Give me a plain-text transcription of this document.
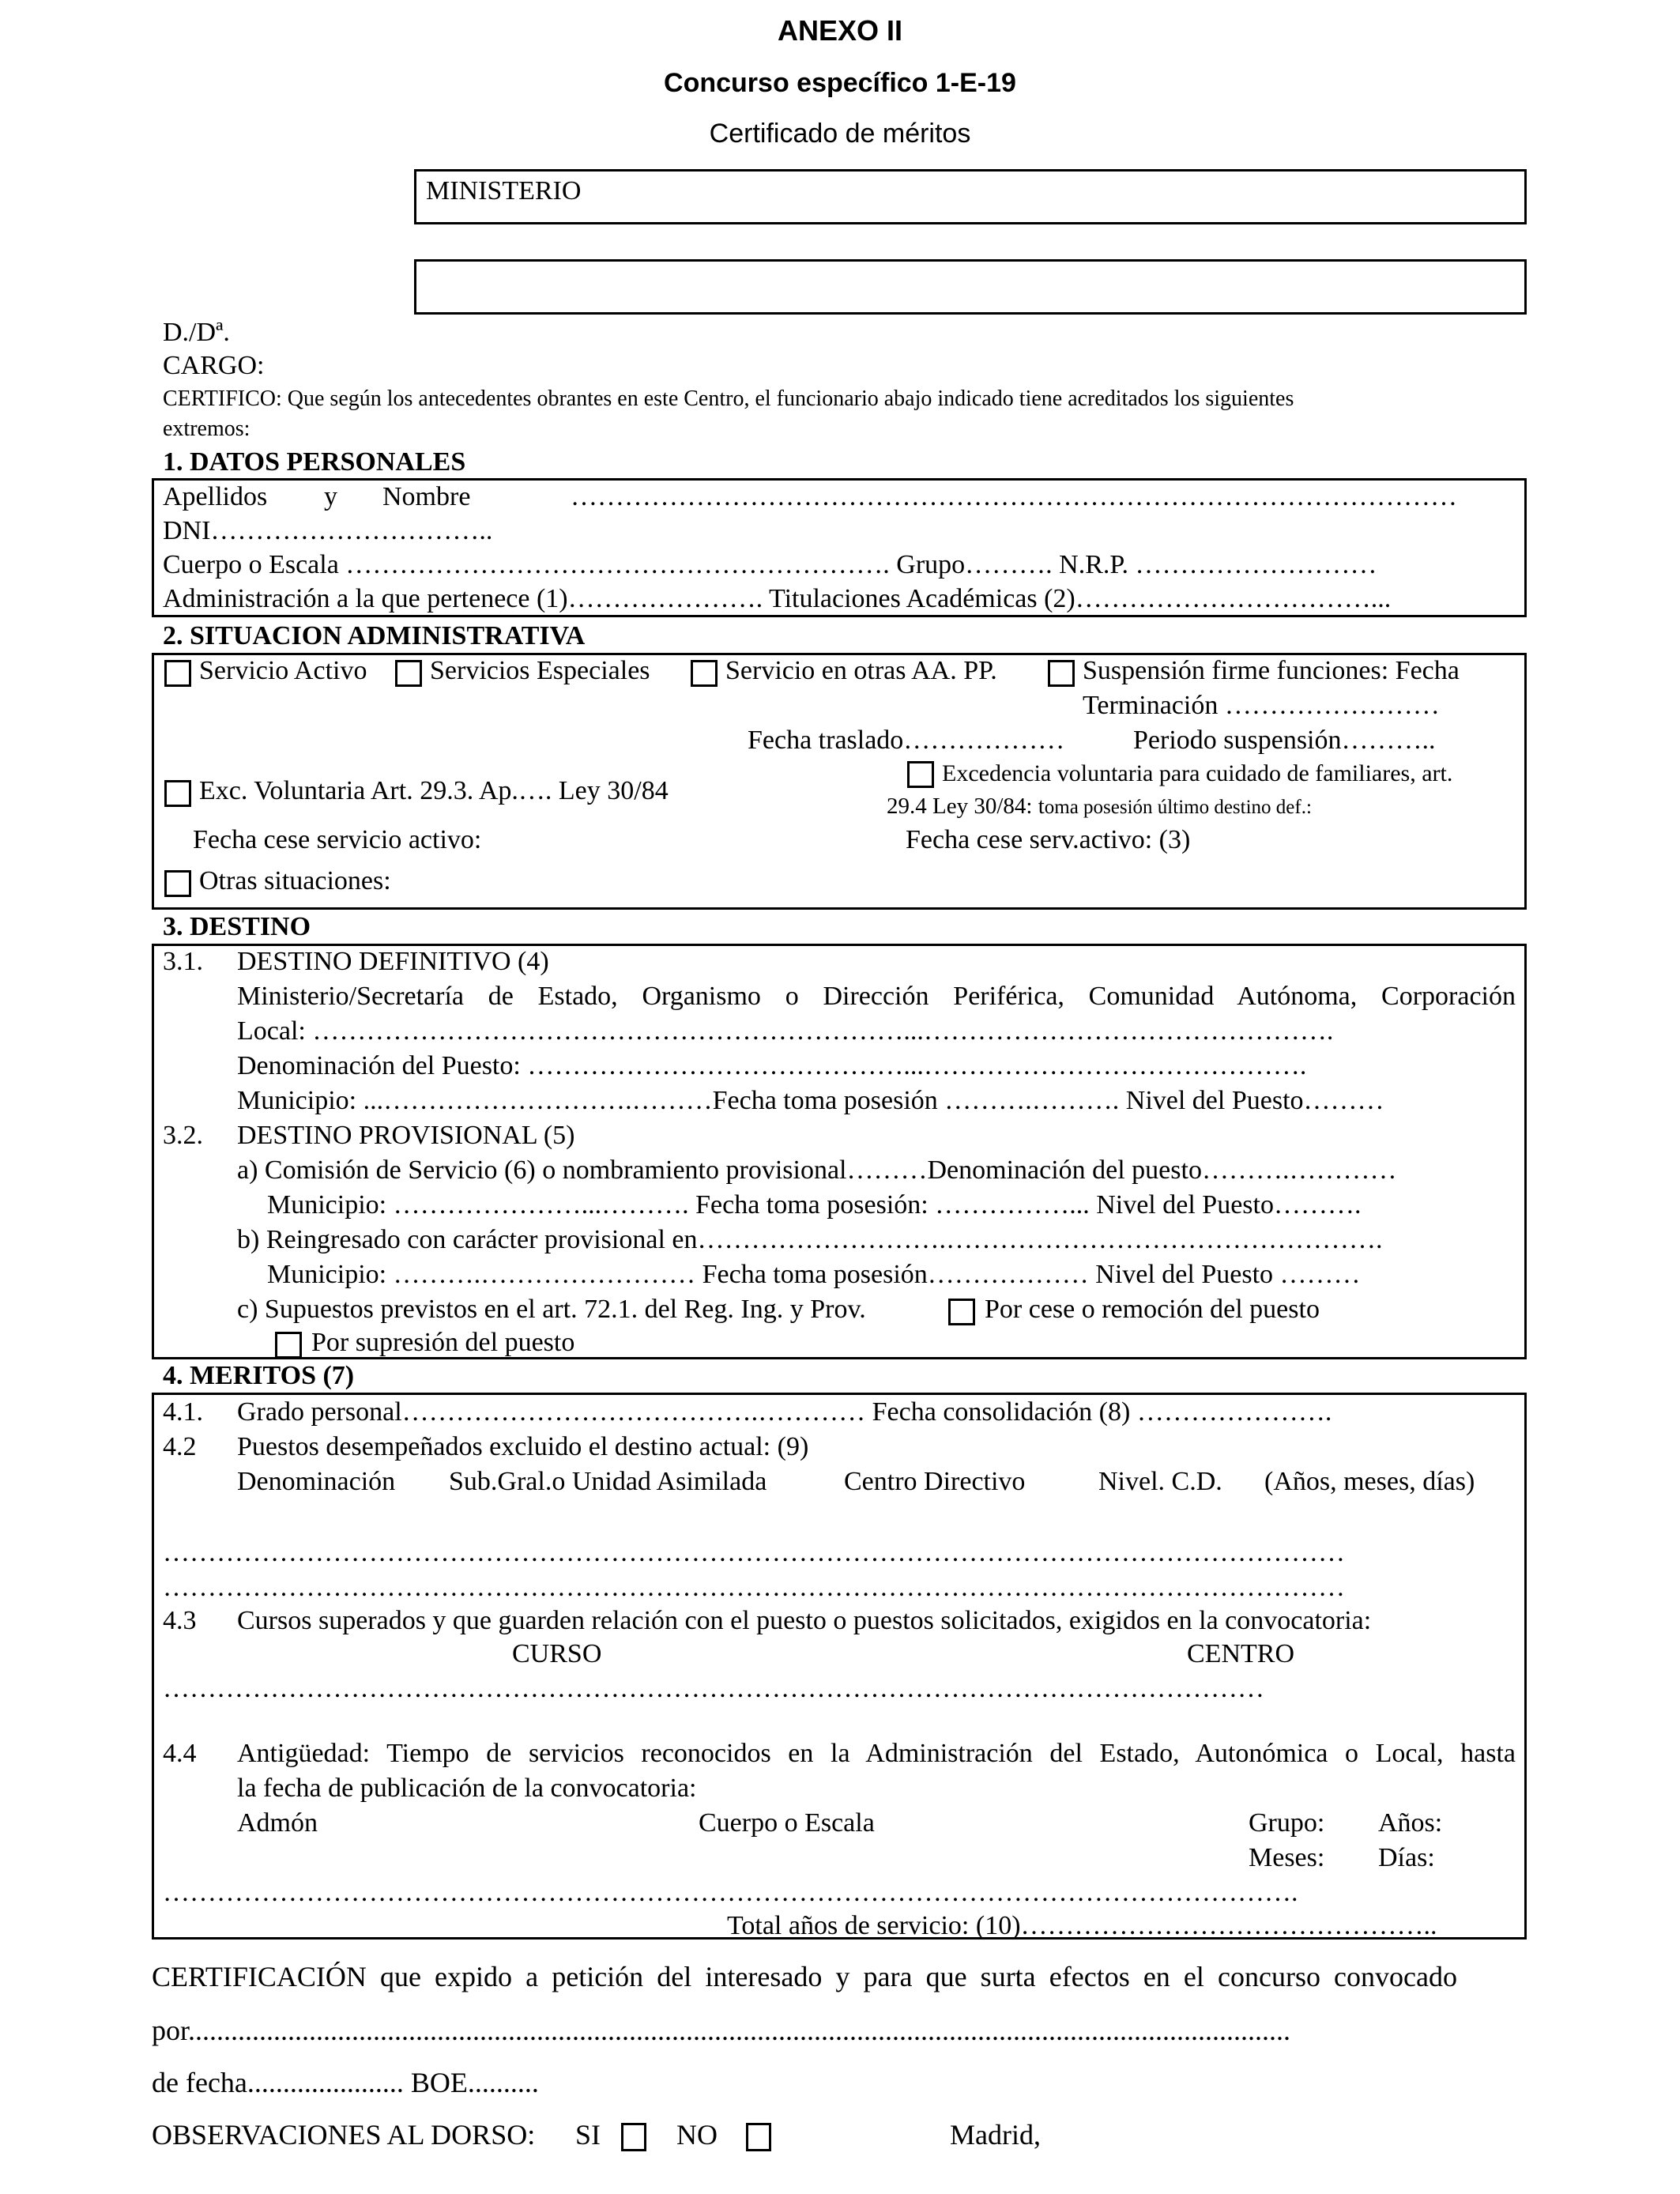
ANEXO II
Concurso específico 1-E-19
Certificado de méritos
MINISTERIO
D./Dª.
CARGO:
CERTIFICO: Que según los antecedentes obrantes en este Centro, el funcionario abajo indicado tiene acreditados los siguientes
extremos:
1. DATOS PERSONALES
Apellidos y Nombre	………………………………………………………………………………………
DNI…………………………..
Cuerpo o Escala ……………………………………………………. Grupo………. N.R.P. ………………………
Administración a la que pertenece (1)…………………. Titulaciones Académicas (2)……………………………...
2. SITUACION ADMINISTRATIVA
Servicio Activo Servicios Especiales	Servicio en otras AA. PP.	Suspensión firme funciones: Fecha
Terminación ……………………
Fecha traslado………………	Periodo suspensión………..
Excedencia voluntaria para cuidado de familiares, art.
29.4 Ley 30/84: toma posesión último destino def.:
Exc. Voluntaria Art. 29.3. Ap.…. Ley 30/84
Fecha cese servicio activo:	Fecha cese serv.activo: (3)
Otras situaciones:
3. DESTINO
3.1. DESTINO DEFINITIVO (4)
Ministerio/Secretaría de Estado, Organismo o Dirección Periférica, Comunidad Autónoma, Corporación
Local: …………………………………………………………...……………………………………….
Denominación del Puesto: ……………………………………...…………………………………….
Municipio: ...……………………….………Fecha toma posesión ……….………. Nivel del Puesto………
3.2. DESTINO PROVISIONAL (5)
a) Comisión de Servicio (6) o nombramiento provisional………Denominación del puesto……….…………
Municipio: …………………...………. Fecha toma posesión: ……………... Nivel del Puesto……….
b) Reingresado con carácter provisional en……………………….………………………………………….
Municipio: ……….…………………… Fecha toma posesión……………… Nivel del Puesto ………
c) Supuestos previstos en el art. 72.1. del Reg. Ing. y Prov.	Por cese o remoción del puesto
Por supresión del puesto
4. MERITOS (7)
4.1. Grado personal………………………………….………… Fecha consolidación (8) ………………….
4.2 Puestos desempeñados excluido el destino actual: (9)
Denominación Sub.Gral.o Unidad Asimilada	Centro Directivo	Nivel. C.D. (Años, meses, días)
……………………………………………………………………………………………………………………
……………………………………………………………………………………………………………………
4.3 Cursos superados y que guarden relación con el puesto o puestos solicitados, exigidos en la convocatoria:
CURSO	CENTRO
……………………………………………………………………………………………………………
4.4 Antigüedad: Tiempo de servicios reconocidos en la Administración del Estado, Autonómica o Local, hasta
la fecha de publicación de la convocatoria:
Admón	Cuerpo o Escala	Grupo: Años:
Meses: Días:
……………………………………………………………………………………………………………….
Total años de servicio: (10)………………………………………..
CERTIFICACIÓN que expido a petición del interesado y para que surta efectos en el concurso convocado
por...........................................................................................................................................................
de fecha...................... BOE..........
OBSERVACIONES AL DORSO: SI	NO	Madrid,
